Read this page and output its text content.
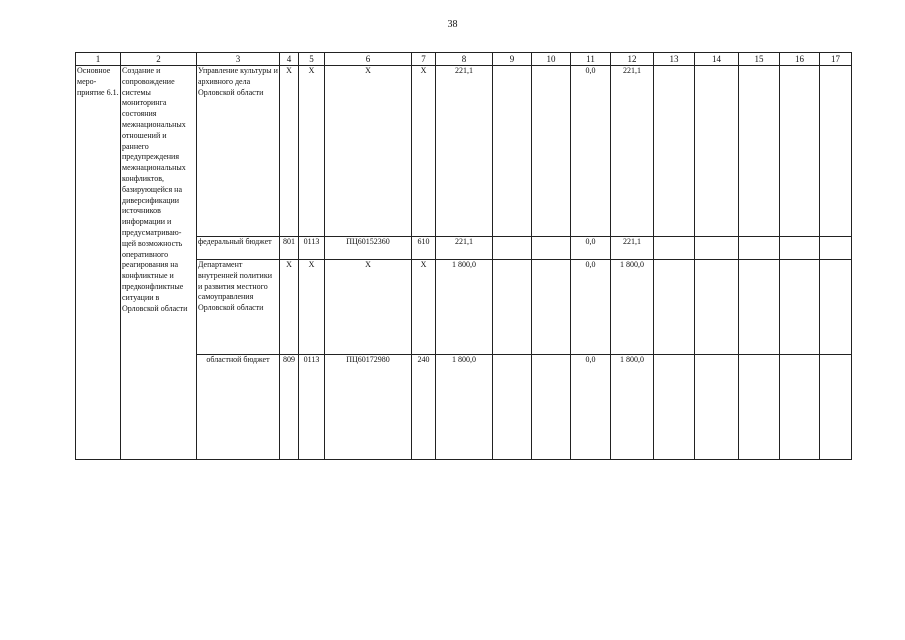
38
1	2	3	4	5	6	7	8	9	10	11	12	13	14	15	16	17
Основное меро-приятие 6.1.	Создание и сопровождение системы мониторинга состояния межнациональных отношений и раннего предупреждения межнациональных конфликтов, базирующейся на диверсификации источников информации и предусматриваю-щей возможность оперативного реагирования на конфликтные и предконфликтные ситуации в Орловской области	Управление культуры и архивного дела Орловской области	Х	Х	Х	Х	221,1			0,0	221,1					
		федеральный бюджет	801	0113	ПЦ60152360	610	221,1			0,0	221,1					
		Департамент внутренней политики и развития местного самоуправления Орловской области	Х	Х	Х	Х	1 800,0			0,0	1 800,0					
		областной бюджет	809	0113	ПЦ60172980	240	1 800,0			0,0	1 800,0					
